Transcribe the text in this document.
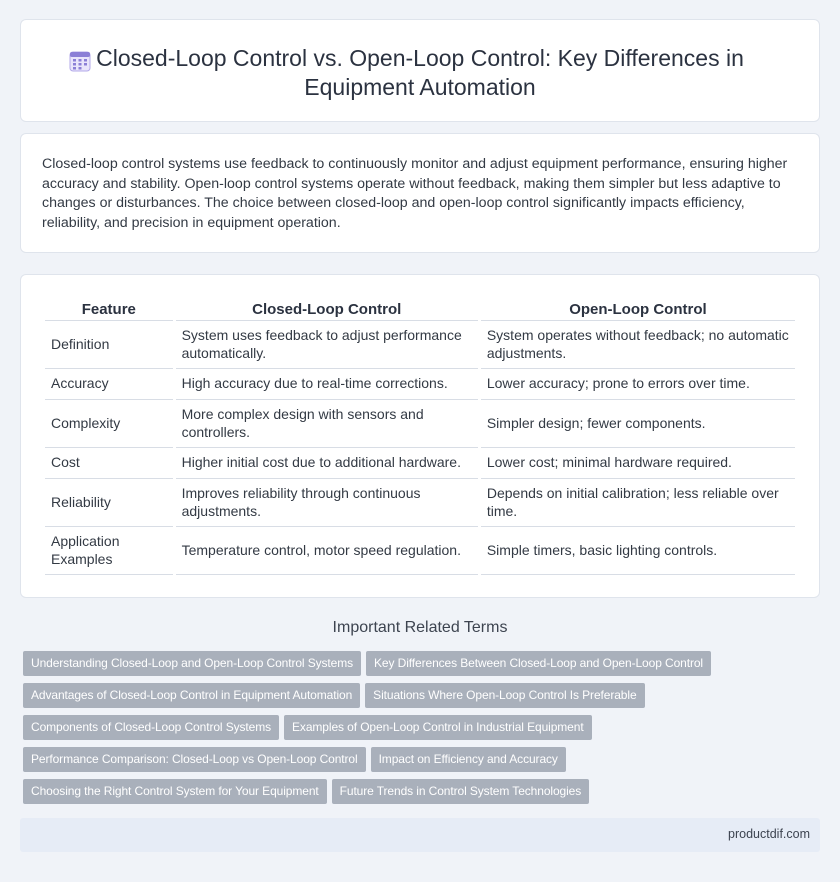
Closed-Loop Control vs. Open-Loop Control: Key Differences in Equipment Automation

Closed-loop control systems use feedback to continuously monitor and adjust equipment performance, ensuring higher accuracy and stability. Open-loop control systems operate without feedback, making them simpler but less adaptive to changes or disturbances. The choice between closed-loop and open-loop control significantly impacts efficiency, reliability, and precision in equipment operation.

Feature	Closed-Loop Control	Open-Loop Control
Definition	System uses feedback to adjust performance automatically.	System operates without feedback; no automatic adjustments.
Accuracy	High accuracy due to real-time corrections.	Lower accuracy; prone to errors over time.
Complexity	More complex design with sensors and controllers.	Simpler design; fewer components.
Cost	Higher initial cost due to additional hardware.	Lower cost; minimal hardware required.
Reliability	Improves reliability through continuous adjustments.	Depends on initial calibration; less reliable over time.
Application Examples	Temperature control, motor speed regulation.	Simple timers, basic lighting controls.
Important Related Terms
Understanding Closed-Loop and Open-Loop Control Systems Key Differences Between Closed-Loop and Open-Loop Control
Advantages of Closed-Loop Control in Equipment Automation Situations Where Open-Loop Control Is Preferable
Components of Closed-Loop Control Systems Examples of Open-Loop Control in Industrial Equipment
Performance Comparison: Closed-Loop vs Open-Loop Control Impact on Efficiency and Accuracy
Choosing the Right Control System for Your Equipment Future Trends in Control System Technologies
productdif.com
